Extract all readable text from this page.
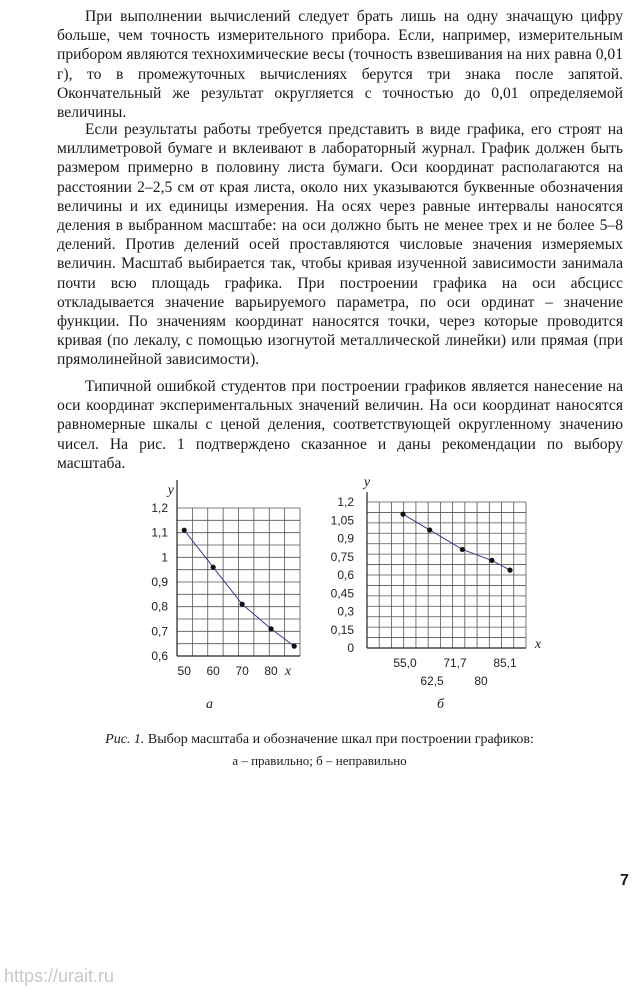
При выполнении вычислений следует брать лишь на одну значащую цифру больше, чем точность измерительного прибора. Если, например, измерительным прибором являются технохимические весы (точность взвешивания на них равна 0,01 г), то в промежуточных вычислениях берутся три знака после запятой. Окончательный же результат округляется с точностью до 0,01 определяемой величины.

Если результаты работы требуется представить в виде графика, его строят на миллиметровой бумаге и вклеивают в лабораторный журнал. График должен быть размером примерно в половину листа бумаги. Оси координат располагаются на расстоянии 2–2,5 см от края листа, около них указываются буквенные обозначения величины и их единицы измерения. На осях через равные интервалы наносятся деления в выбранном масштабе: на оси должно быть не менее трех и не более 5–8 делений. Против делений осей проставляются числовые значения измеряемых величин. Масштаб выбирается так, чтобы кривая изученной зависимости занимала почти всю площадь графика. При построении графика на оси абсцисс откладывается значение варьируемого параметра, по оси ординат – значение функции. По значениям координат наносятся точки, через которые проводится кривая (по лекалу, с помощью изогнутой металлической линейки) или прямая (при прямолинейной зависимости).

Типичной ошибкой студентов при построении графиков является нанесение на оси координат экспериментальных значений величин. На оси координат наносятся равномерные шкалы с ценой деления, соответствующей округленному значению чисел. На рис. 1 подтверждено сказанное и даны рекомендации по выбору масштаба.

0,6
0,7
0,8
0,9
1
1,1
1,2
50 60 70 80
y
x
0
0,15
0,3
0,45
0,6
0,75
0,9
1,05
1,2
55,0 71,7 85,1
62,5	80
y
x
а	б
Рис. 1. Выбор масштаба и обозначение шкал при построении графиков:
а – правильно; б – неправильно
7
https://urait.ru
